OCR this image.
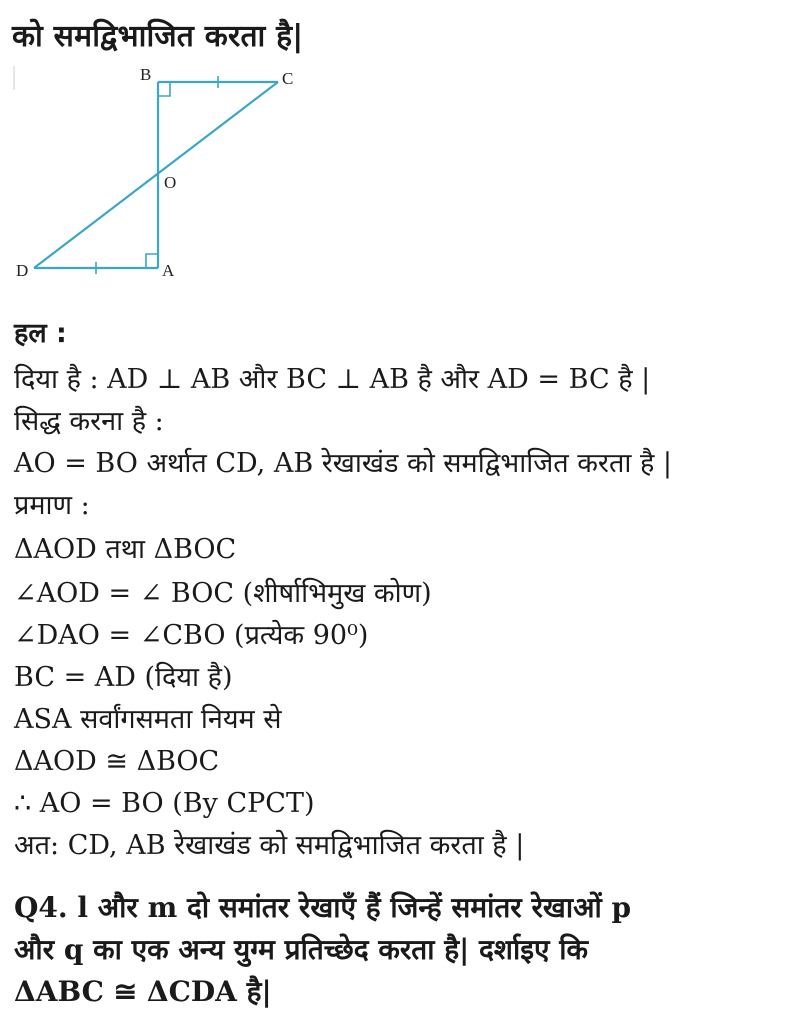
को समद्विभाजित करता है|
B	C
O
D	A
हल :
दिया है : AD ⊥ AB और BC ⊥ AB है और AD = BC है |
सिद्ध करना है :
AO = BO अर्थात CD, AB रेखाखंड को समद्विभाजित करता है |
प्रमाण :
ΔAOD तथा ΔBOC
∠AOD = ∠ BOC (शीर्षाभिमुख कोण)
∠DAO = ∠CBO (प्रत्येक 90⁰)
BC = AD (दिया है)
ASA सर्वांगसमता नियम से
ΔAOD ≅ ΔBOC
∴ AO = BO (By CPCT)
अत: CD, AB रेखाखंड को समद्विभाजित करता है |
Q4. l और m दो समांतर रेखाएँ हैं जिन्हें समांतर रेखाओं p
और q का एक अन्य युग्म प्रतिच्छेद करता है| दर्शाइए कि
ΔABC ≅ ΔCDA है|
